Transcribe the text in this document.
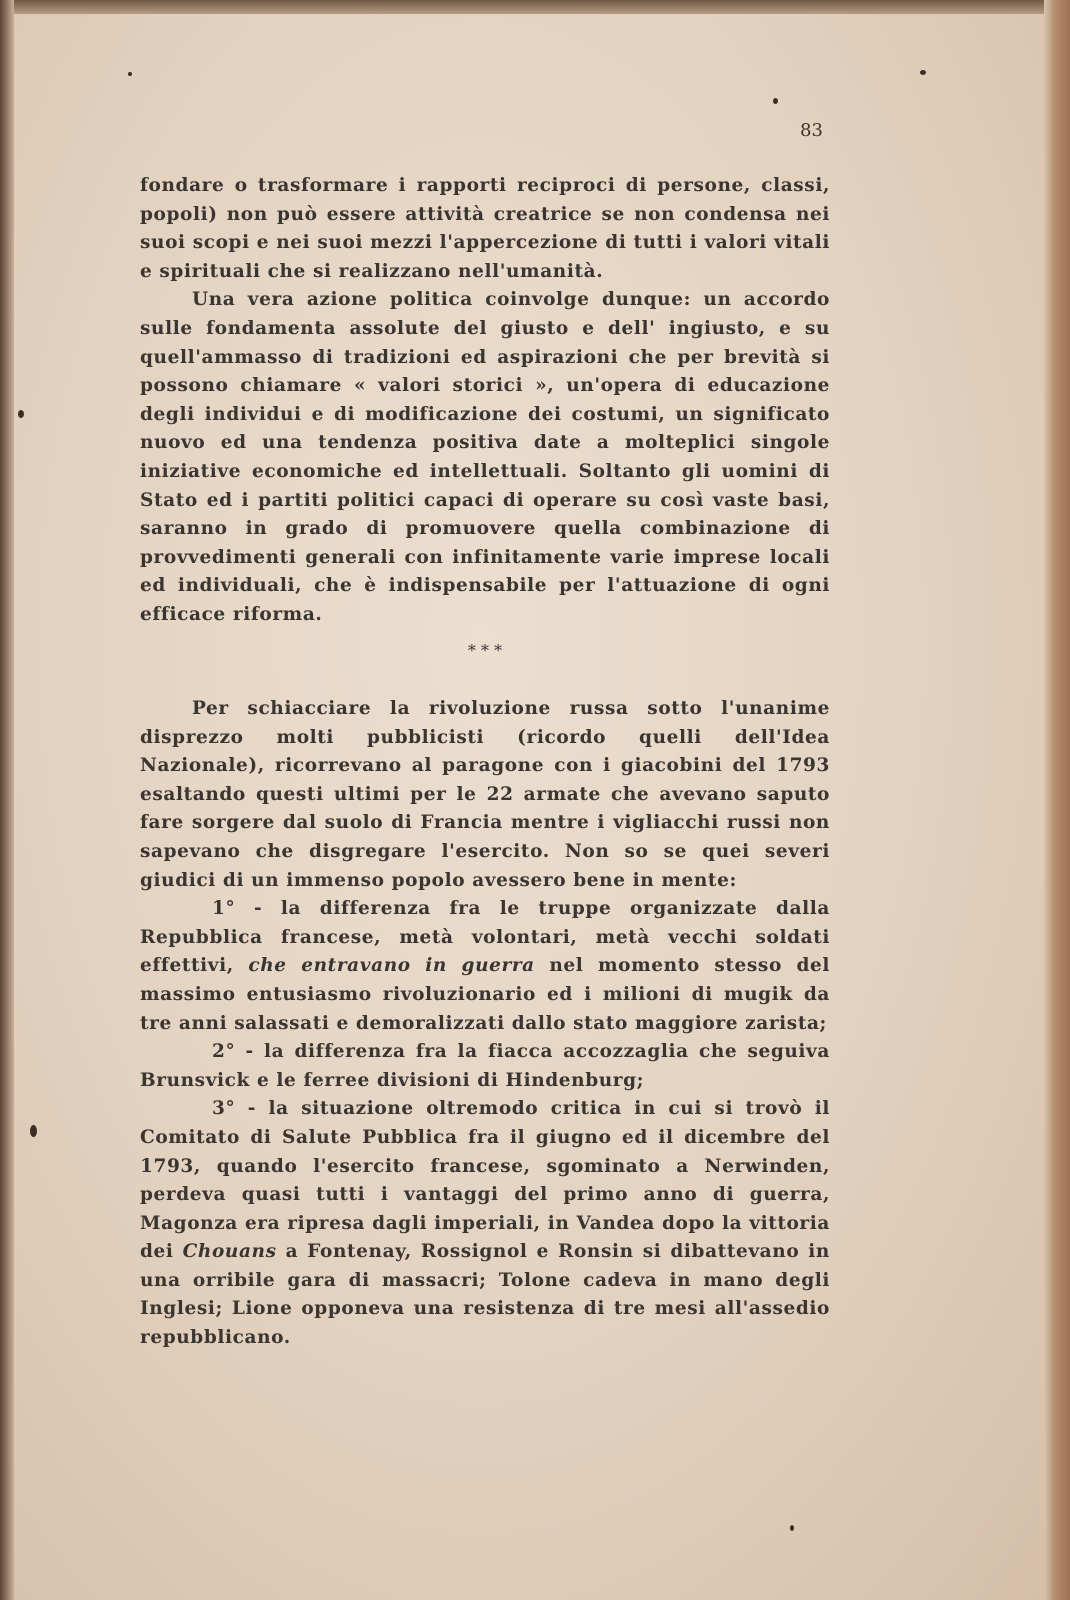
83

fondare o trasformare i rapporti reciproci di persone, classi, popoli) non può essere attività creatrice se non condensa nei suoi scopi e nei suoi mezzi l'appercezione di tutti i valori vitali e spirituali che si realizzano nell'umanità.

Una vera azione politica coinvolge dunque: un accordo sulle fondamenta assolute del giusto e dell' ingiusto, e su quell'ammasso di tradizioni ed aspirazioni che per brevità si possono chiamare « valori storici », un'opera di educazione degli individui e di modificazione dei costumi, un significato nuovo ed una tendenza positiva date a molteplici singole iniziative economiche ed intellettuali. Soltanto gli uomini di Stato ed i partiti politici capaci di operare su così vaste basi, saranno in grado di promuovere quella combinazione di provvedimenti generali con infinitamente varie imprese locali ed individuali, che è indispensabile per l'attuazione di ogni efficace riforma.

* * *

Per schiacciare la rivoluzione russa sotto l'unanime disprezzo molti pubblicisti (ricordo quelli dell'Idea Nazionale), ricorrevano al paragone con i giacobini del 1793 esaltando questi ultimi per le 22 armate che avevano saputo fare sorgere dal suolo di Francia mentre i vigliacchi russi non sapevano che disgregare l'esercito. Non so se quei severi giudici di un immenso popolo avessero bene in mente:

1° - la differenza fra le truppe organizzate dalla Repubblica francese, metà volontari, metà vecchi soldati effettivi, che entravano in guerra nel momento stesso del massimo entusiasmo rivoluzionario ed i milioni di mugik da tre anni salassati e demoralizzati dallo stato maggiore zarista;

2° - la differenza fra la fiacca accozzaglia che seguiva Brunsvick e le ferree divisioni di Hindenburg;

3° - la situazione oltremodo critica in cui si trovò il Comitato di Salute Pubblica fra il giugno ed il dicembre del 1793, quando l'esercito francese, sgominato a Nerwinden, perdeva quasi tutti i vantaggi del primo anno di guerra, Magonza era ripresa dagli imperiali, in Vandea dopo la vittoria dei Chouans a Fontenay, Rossignol e Ronsin si dibattevano in una orribile gara di massacri; Tolone cadeva in mano degli Inglesi; Lione opponeva una resistenza di tre mesi all'assedio repubblicano.
